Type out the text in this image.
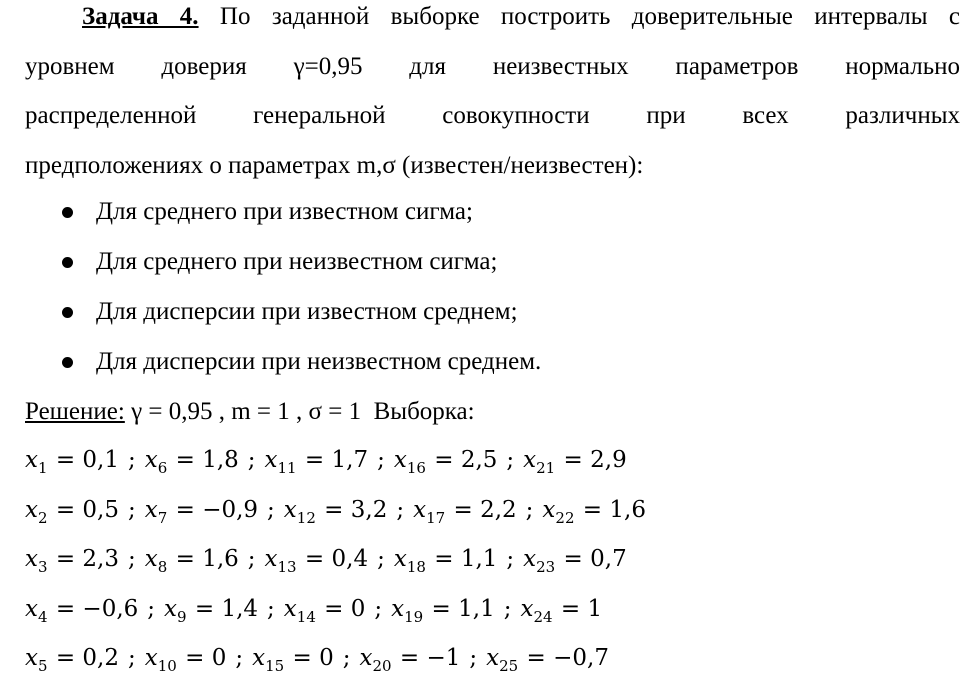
Задача 4. По заданной выборке построить доверительные интервалы с
уровнем доверия γ=0,95 для неизвестных параметров нормально
распределенной генеральной совокупности при всех различных
предположениях о параметрах m,σ (известен/неизвестен):

Для среднего при известном сигма;
Для среднего при неизвестном сигма;
Для дисперсии при известном среднем;
Для дисперсии при неизвестном среднем.
Решение: γ = 0,95 , m = 1 , σ = 1  Выборка:
$x_1 = 0,1$ ; $x_6 = 1,8$ ; $x_{11} = 1,7$ ; $x_{16} = 2,5$ ; $x_{21} = 2,9$
$x_2 = 0,5$ ; $x_7 = -0,9$ ; $x_{12} = 3,2$ ; $x_{17} = 2,2$ ; $x_{22} = 1,6$
$x_3 = 2,3$ ; $x_8 = 1,6$ ; $x_{13} = 0,4$ ; $x_{18} = 1,1$ ; $x_{23} = 0,7$
$x_4 = -0,6$ ; $x_9 = 1,4$ ; $x_{14} = 0$ ; $x_{19} = 1,1$ ; $x_{24} = 1$
$x_5 = 0,2$ ; $x_{10} = 0$ ; $x_{15} = 0$ ; $x_{20} = -1$ ; $x_{25} = -0,7$
